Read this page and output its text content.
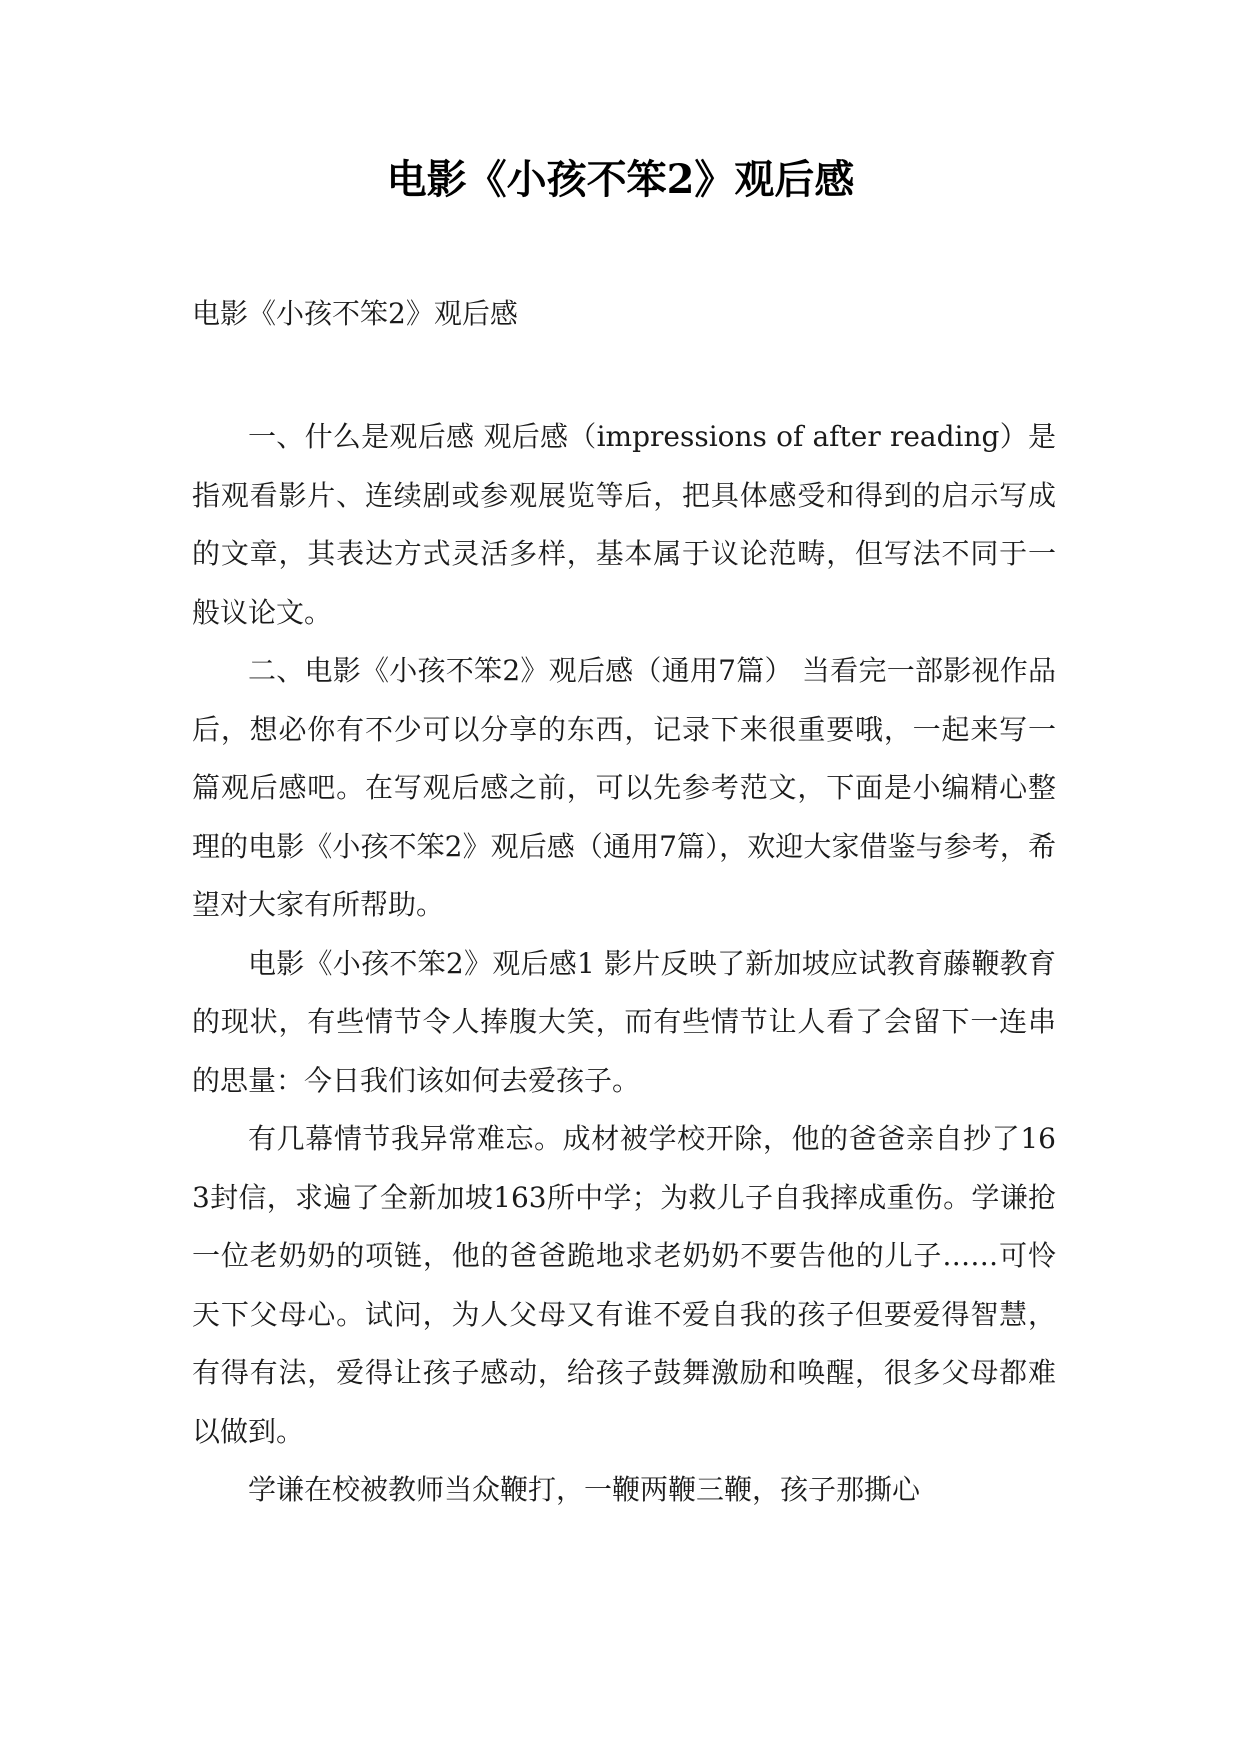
电影《小孩不笨2》观后感

电影《小孩不笨2》观后感

一、什么是观后感 观后感（impressions of after reading）是指观看影片、连续剧或参观展览等后，把具体感受和得到的启示写成的文章，其表达方式灵活多样，基本属于议论范畴，但写法不同于一般议论文。

二、电影《小孩不笨2》观后感（通用7篇） 当看完一部影视作品后，想必你有不少可以分享的东西，记录下来很重要哦，一起来写一篇观后感吧。在写观后感之前，可以先参考范文，下面是小编精心整理的电影《小孩不笨2》观后感（通用7篇），欢迎大家借鉴与参考，希望对大家有所帮助。

电影《小孩不笨2》观后感1 影片反映了新加坡应试教育藤鞭教育的现状，有些情节令人捧腹大笑，而有些情节让人看了会留下一连串的思量：今日我们该如何去爱孩子。

有几幕情节我异常难忘。成材被学校开除，他的爸爸亲自抄了163封信，求遍了全新加坡163所中学；为救儿子自我摔成重伤。学谦抢一位老奶奶的项链，他的爸爸跪地求老奶奶不要告他的儿子……可怜天下父母心。试问，为人父母又有谁不爱自我的孩子但要爱得智慧，有得有法，爱得让孩子感动，给孩子鼓舞激励和唤醒，很多父母都难以做到。

学谦在校被教师当众鞭打，一鞭两鞭三鞭，孩子那撕心
